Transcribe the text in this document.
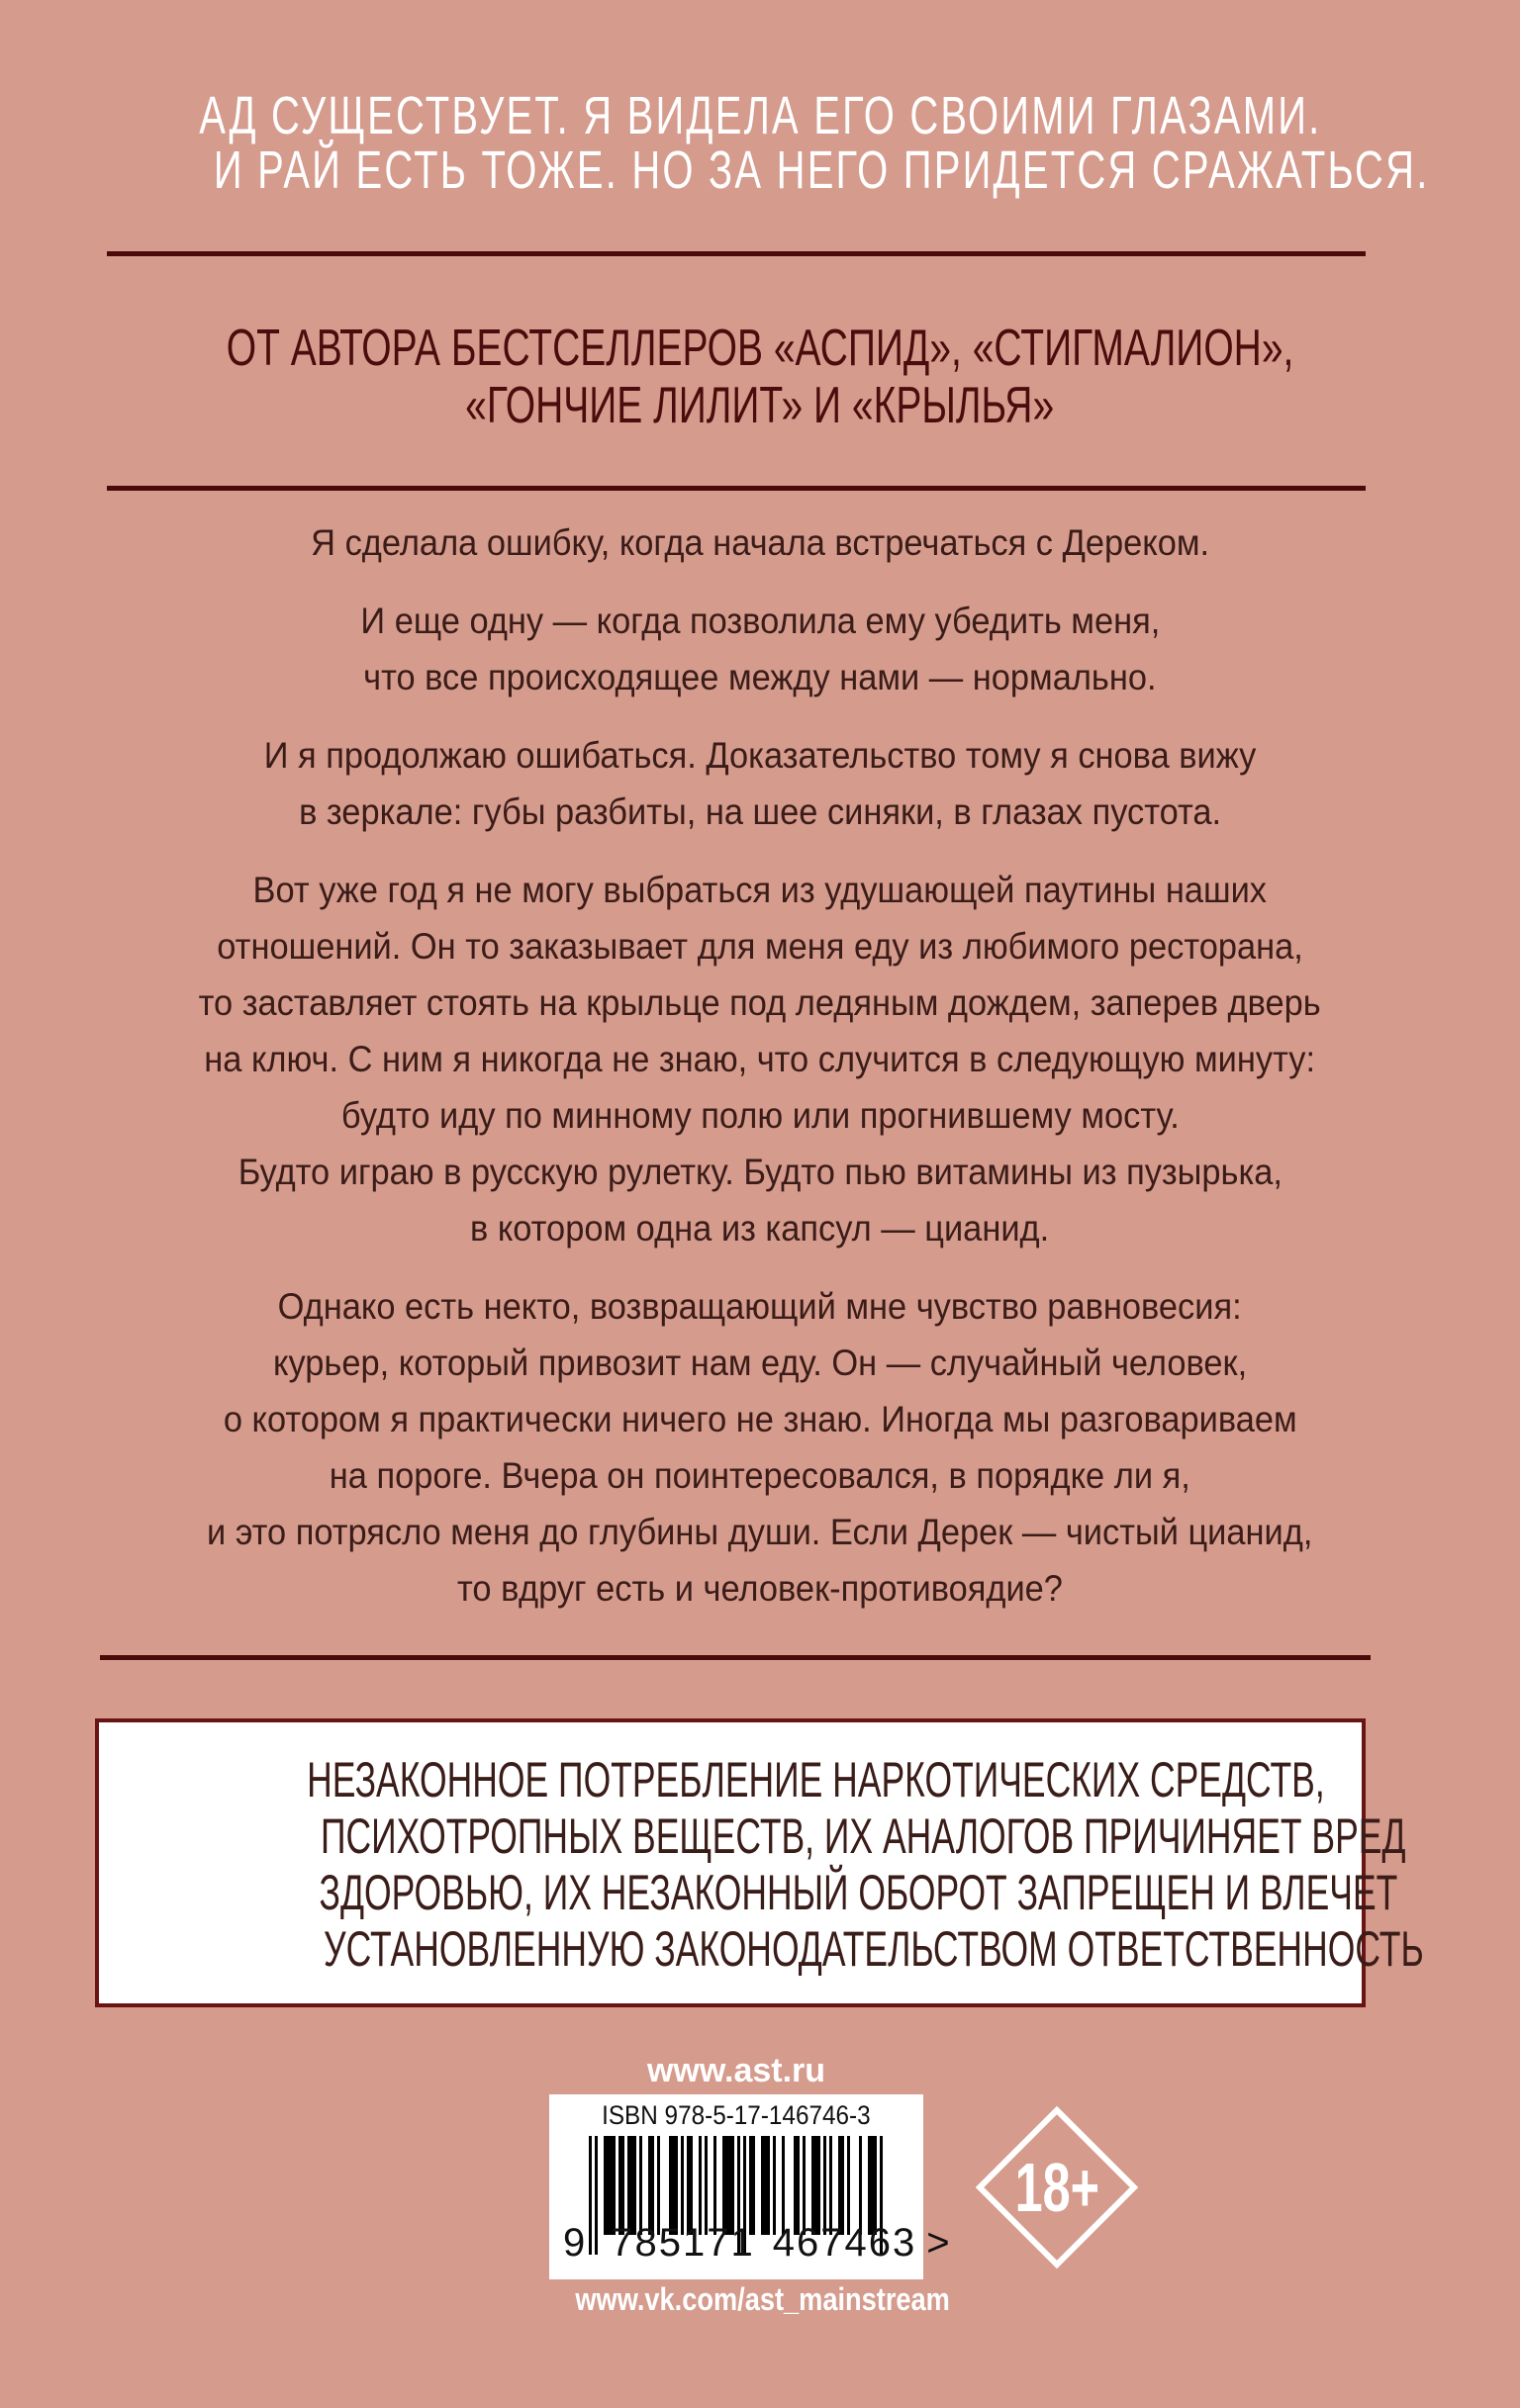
АД СУЩЕСТВУЕТ. Я ВИДЕЛА ЕГО СВОИМИ ГЛАЗАМИ.
И РАЙ ЕСТЬ ТОЖЕ. НО ЗА НЕГО ПРИДЕТСЯ СРАЖАТЬСЯ.
ОТ АВТОРА БЕСТСЕЛЛЕРОВ «АСПИД», «СТИГМАЛИОН»,
«ГОНЧИЕ ЛИЛИТ» И «КРЫЛЬЯ»
Я сделала ошибку, когда начала встречаться с Дереком.
И еще одну — когда позволила ему убедить меня,
что все происходящее между нами — нормально.
И я продолжаю ошибаться. Доказательство тому я снова вижу
в зеркале: губы разбиты, на шее синяки, в глазах пустота.
Вот уже год я не могу выбраться из удушающей паутины наших
отношений. Он то заказывает для меня еду из любимого ресторана,
то заставляет стоять на крыльце под ледяным дождем, заперев дверь
на ключ. С ним я никогда не знаю, что случится в следующую минуту:
будто иду по минному полю или прогнившему мосту.
Будто играю в русскую рулетку. Будто пью витамины из пузырька,
в котором одна из капсул — цианид.
Однако есть некто, возвращающий мне чувство равновесия:
курьер, который привозит нам еду. Он — случайный человек,
о котором я практически ничего не знаю. Иногда мы разговариваем
на пороге. Вчера он поинтересовался, в порядке ли я,
и это потрясло меня до глубины души. Если Дерек — чистый цианид,
то вдруг есть и человек-противоядие?
НЕЗАКОННОЕ ПОТРЕБЛЕНИЕ НАРКОТИЧЕСКИХ СРЕДСТВ,
ПСИХОТРОПНЫХ ВЕЩЕСТВ, ИХ АНАЛОГОВ ПРИЧИНЯЕТ ВРЕД
ЗДОРОВЬЮ, ИХ НЕЗАКОННЫЙ ОБОРОТ ЗАПРЕЩЕН И ВЛЕЧЕТ
УСТАНОВЛЕННУЮ ЗАКОНОДАТЕЛЬСТВОМ ОТВЕТСТВЕННОСТЬ
www.ast.ru
ISBN 978-5-17-146746-3
9 785171 467463 >
www.vk.com/ast_mainstream
18+
